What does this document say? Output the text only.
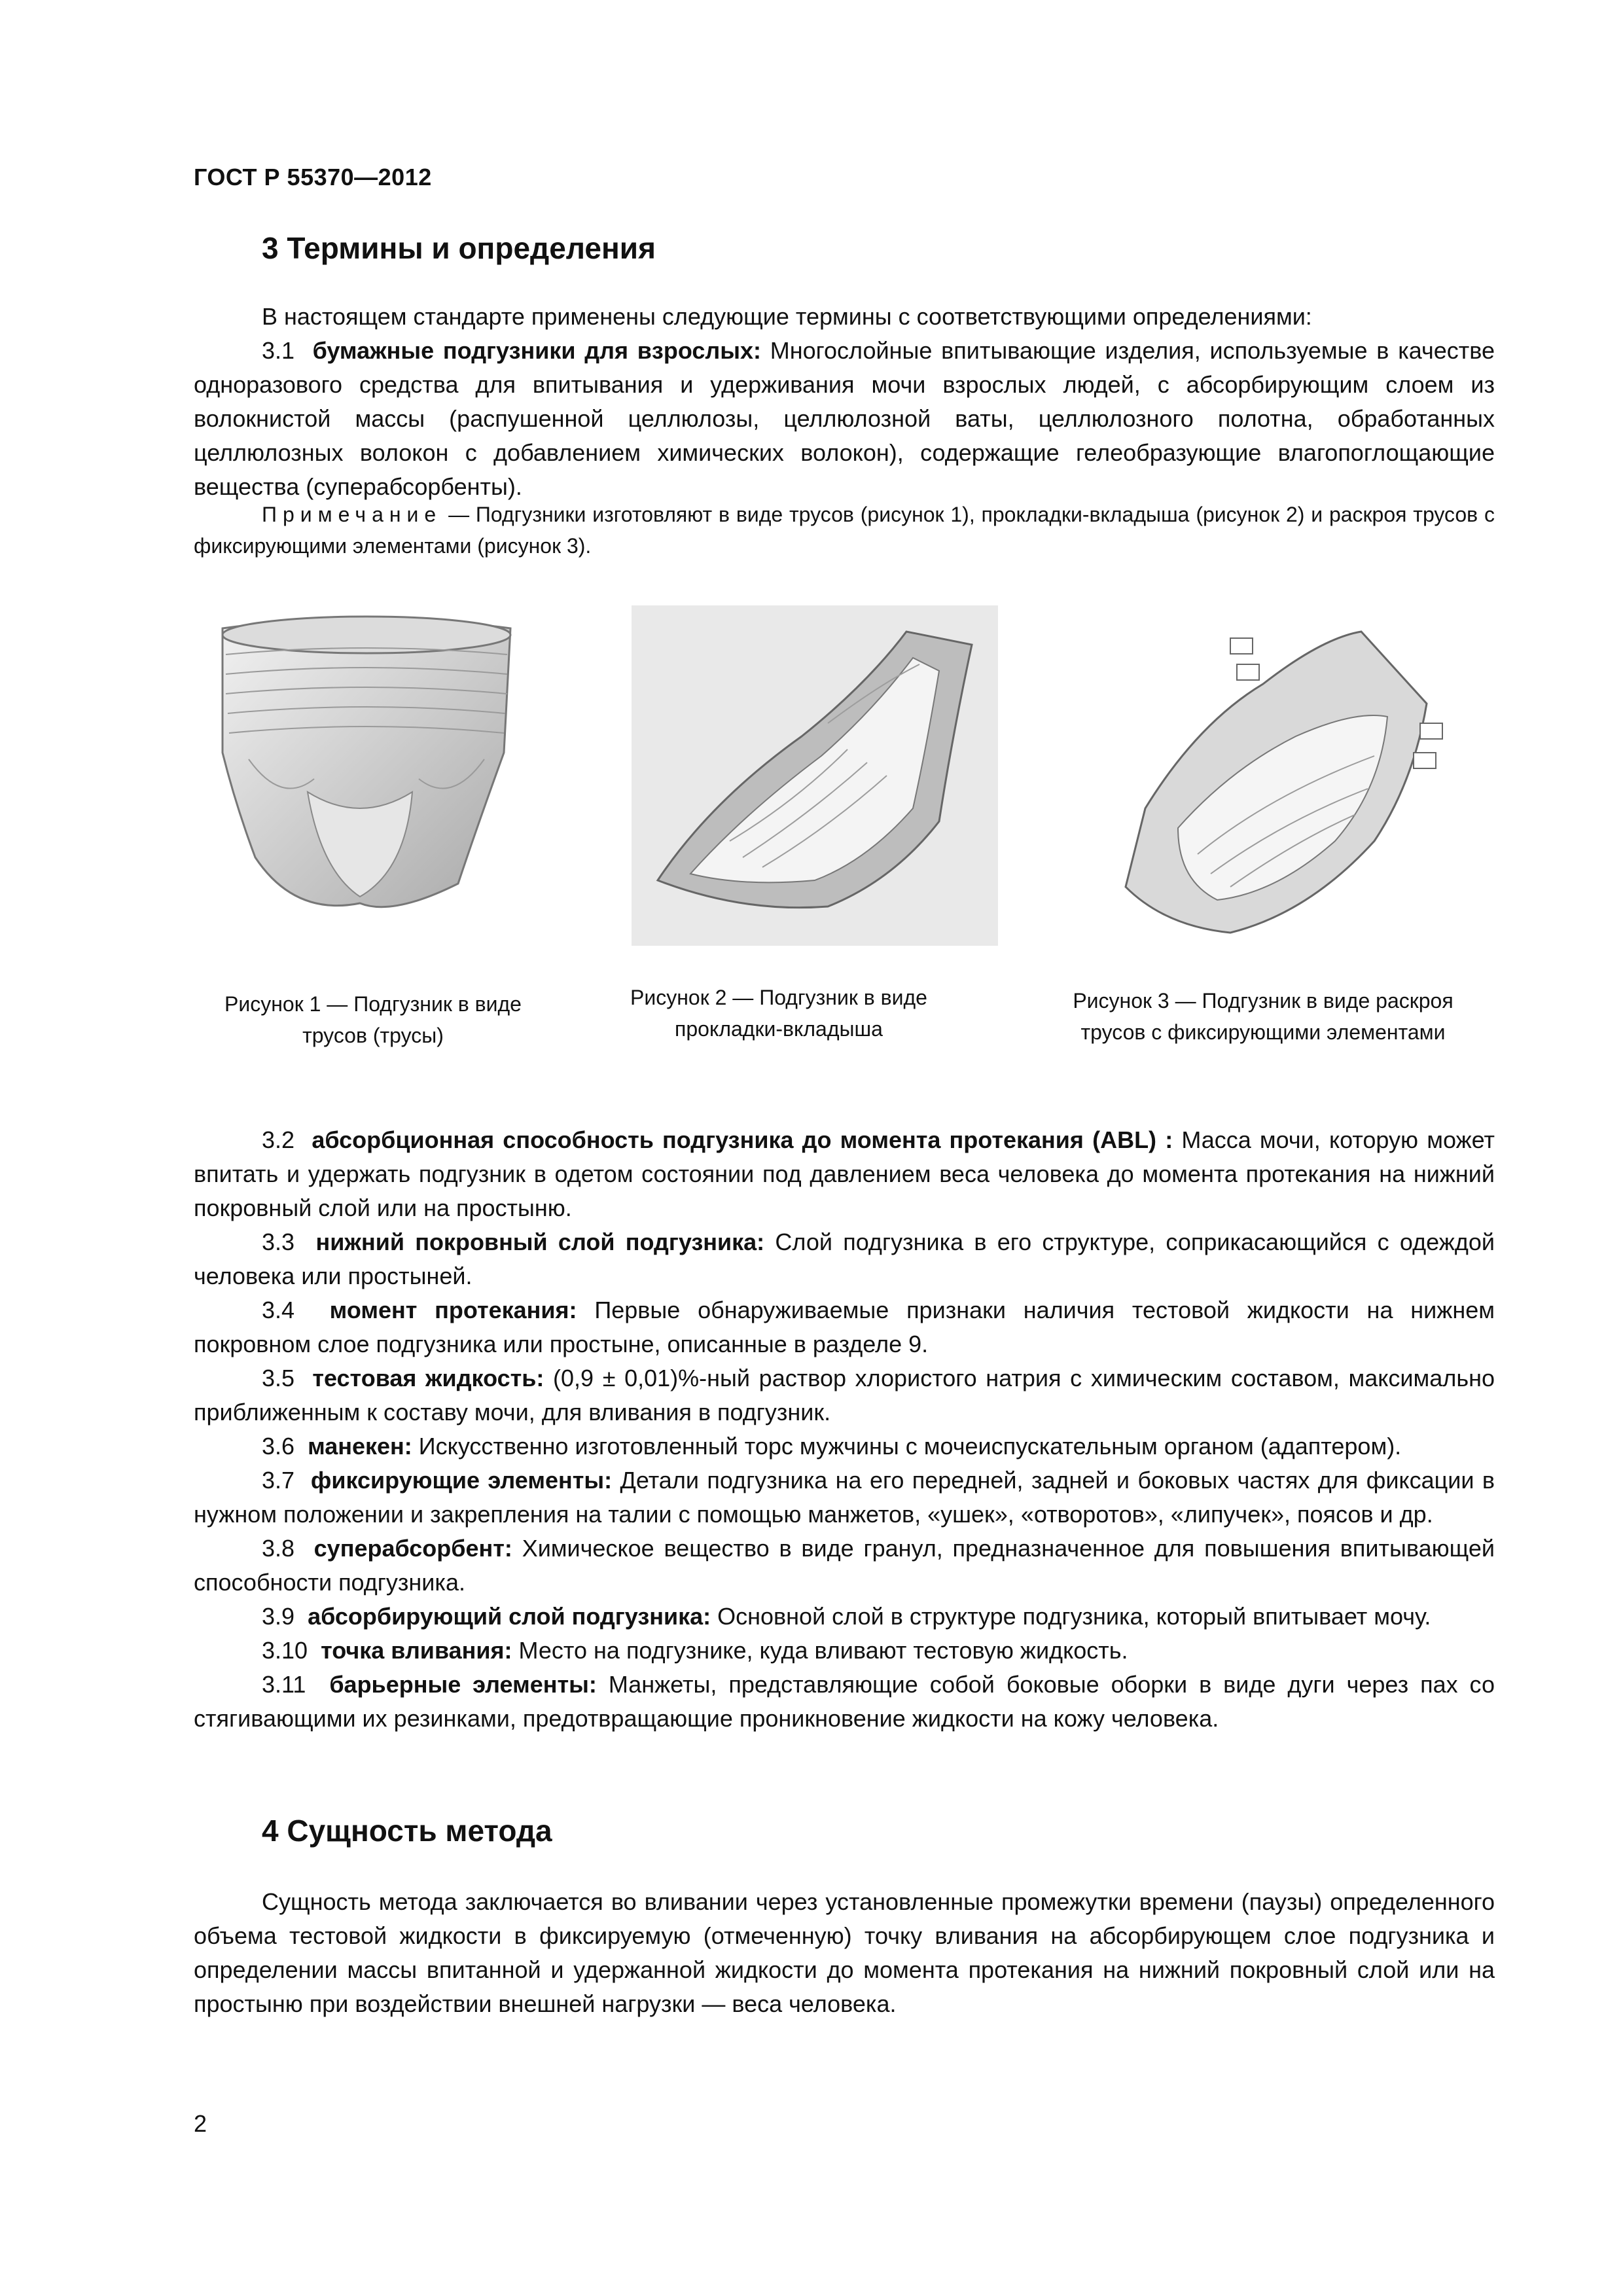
ГОСТ Р 55370—2012
3 Термины и определения

В настоящем стандарте применены следующие термины с соответствующими определениями:

3.1 бумажные подгузники для взрослых: Многослойные впитывающие изделия, используемые в качестве одноразового средства для впитывания и удерживания мочи взрослых людей, с абсорбирующим слоем из волокнистой массы (распушенной целлюлозы, целлюлозной ваты, целлюлозного полотна, обработанных целлюлозных волокон с добавлением химических волокон), содержащие гелеобразующие влагопоглощающие вещества (суперабсорбенты).

Примечание — Подгузники изготовляют в виде трусов (рисунок 1), прокладки-вкладыша (рисунок 2) и раскроя трусов с фиксирующими элементами (рисунок 3).

Рисунок 1 — Подгузник в виде трусов (трусы)
Рисунок 2 — Подгузник в виде прокладки-вкладыша
Рисунок 3 — Подгузник в виде раскроя трусов с фиксирующими элементами

3.2 абсорбционная способность подгузника до момента протекания (ABL) : Масса мочи, которую может впитать и удержать подгузник в одетом состоянии под давлением веса человека до момента протекания на нижний покровный слой или на простыню.

3.3 нижний покровный слой подгузника: Слой подгузника в его структуре, соприкасающийся с одеждой человека или простыней.

3.4 момент протекания: Первые обнаруживаемые признаки наличия тестовой жидкости на нижнем покровном слое подгузника или простыне, описанные в разделе 9.

3.5 тестовая жидкость: (0,9 ± 0,01)%-ный раствор хлористого натрия с химическим составом, максимально приближенным к составу мочи, для вливания в подгузник.

3.6 манекен: Искусственно изготовленный торс мужчины с мочеиспускательным органом (адаптером).

3.7 фиксирующие элементы: Детали подгузника на его передней, задней и боковых частях для фиксации в нужном положении и закрепления на талии с помощью манжетов, «ушек», «отворотов», «липучек», поясов и др.

3.8 суперабсорбент: Химическое вещество в виде гранул, предназначенное для повышения впитывающей способности подгузника.

3.9 абсорбирующий слой подгузника: Основной слой в структуре подгузника, который впитывает мочу.

3.10 точка вливания: Место на подгузнике, куда вливают тестовую жидкость.

3.11 барьерные элементы: Манжеты, представляющие собой боковые оборки в виде дуги через пах со стягивающими их резинками, предотвращающие проникновение жидкости на кожу человека.

4 Сущность метода

Сущность метода заключается во вливании через установленные промежутки времени (паузы) определенного объема тестовой жидкости в фиксируемую (отмеченную) точку вливания на абсорбирующем слое подгузника и определении массы впитанной и удержанной жидкости до момента протекания на нижний покровный слой или на простыню при воздействии внешней нагрузки — веса человека.

2
